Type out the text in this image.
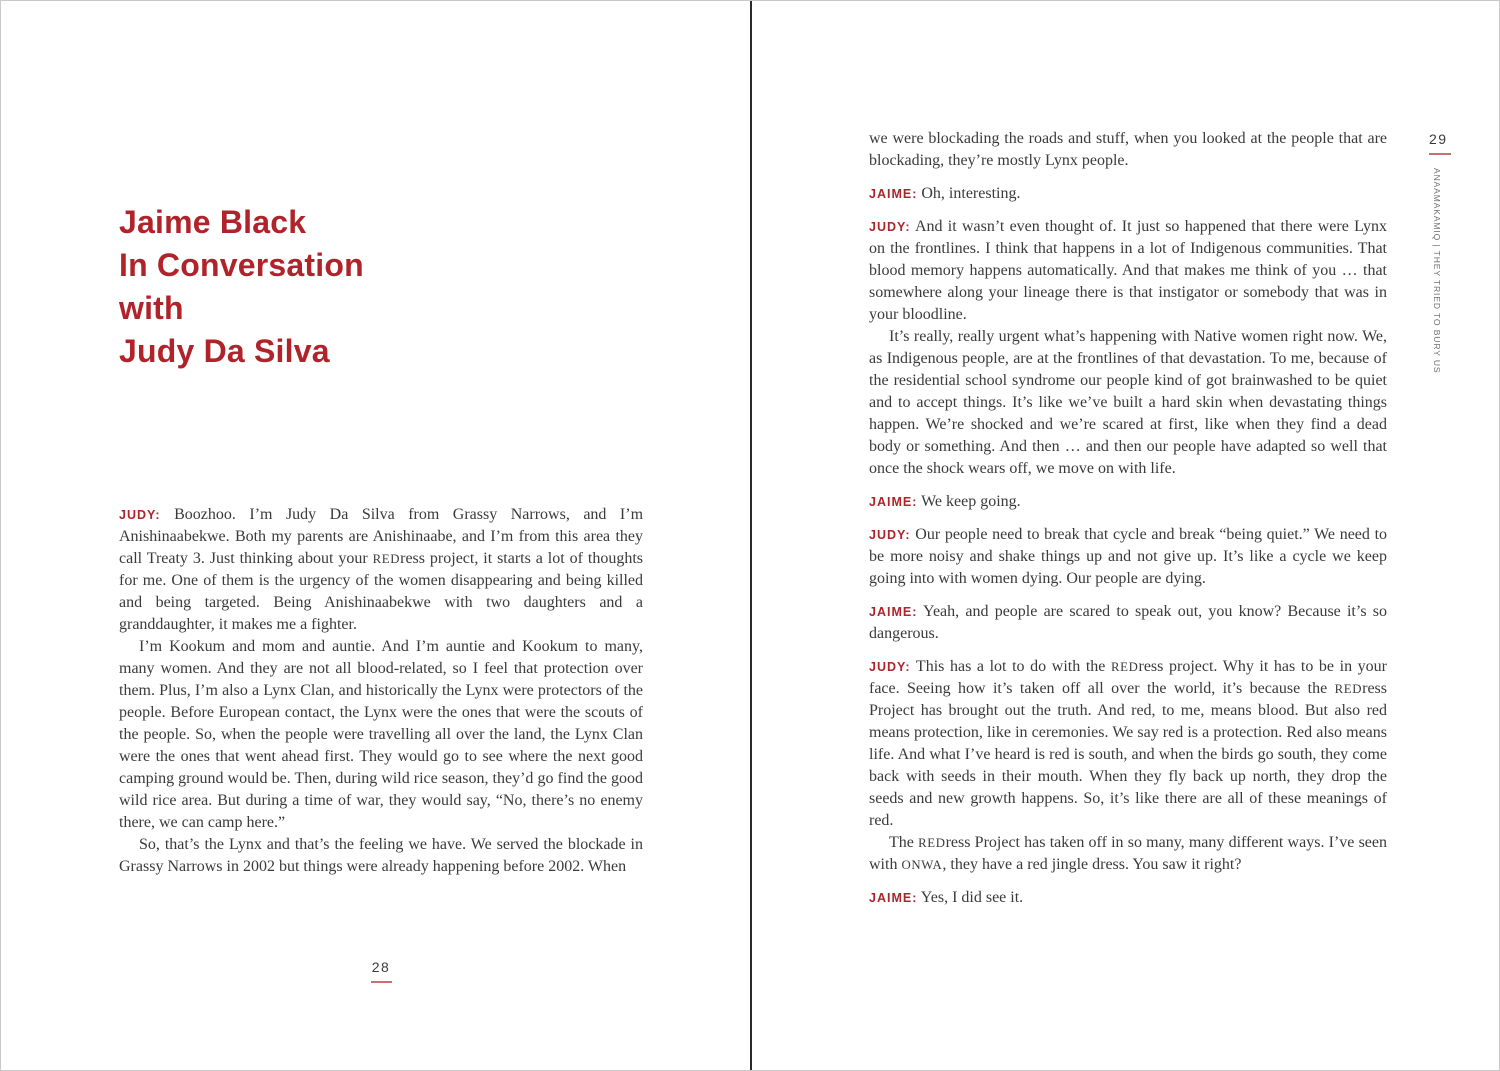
Jaime Black
In Conversation
with
Judy Da Silva

JUDY: Boozhoo. I’m Judy Da Silva from Grassy Narrows, and I’m Anishinaabekwe. Both my parents are Anishinaabe, and I’m from this area they call Treaty 3. Just thinking about your REDress project, it starts a lot of thoughts for me. One of them is the urgency of the women disappearing and being killed and being targeted. Being Anishinaabekwe with two daughters and a granddaughter, it makes me a fighter.

I’m Kookum and mom and auntie. And I’m auntie and Kookum to many, many women. And they are not all blood-related, so I feel that protection over them. Plus, I’m also a Lynx Clan, and historically the Lynx were protectors of the people. Before European contact, the Lynx were the ones that were the scouts of the people. So, when the people were travelling all over the land, the Lynx Clan were the ones that went ahead first. They would go to see where the next good camping ground would be. Then, during wild rice season, they’d go find the good wild rice area. But during a time of war, they would say, “No, there’s no enemy there, we can camp here.”

So, that’s the Lynx and that’s the feeling we have. We served the blockade in Grassy Narrows in 2002 but things were already happening before 2002. When

28

we were blockading the roads and stuff, when you looked at the people that are blockading, they’re mostly Lynx people.

JAIME: Oh, interesting.

JUDY: And it wasn’t even thought of. It just so happened that there were Lynx on the frontlines. I think that happens in a lot of Indigenous communities. That blood memory happens automatically. And that makes me think of you … that somewhere along your lineage there is that instigator or somebody that was in your bloodline.

It’s really, really urgent what’s happening with Native women right now. We, as Indigenous people, are at the frontlines of that devastation. To me, because of the residential school syndrome our people kind of got brainwashed to be quiet and to accept things. It’s like we’ve built a hard skin when devastating things happen. We’re shocked and we’re scared at first, like when they find a dead body or something. And then … and then our people have adapted so well that once the shock wears off, we move on with life.

JAIME: We keep going.

JUDY: Our people need to break that cycle and break “being quiet.” We need to be more noisy and shake things up and not give up. It’s like a cycle we keep going into with women dying. Our people are dying.

JAIME: Yeah, and people are scared to speak out, you know? Because it’s so dangerous.

JUDY: This has a lot to do with the REDress project. Why it has to be in your face. Seeing how it’s taken off all over the world, it’s because the REDress Project has brought out the truth. And red, to me, means blood. But also red means protection, like in ceremonies. We say red is a protection. Red also means life. And what I’ve heard is red is south, and when the birds go south, they come back with seeds in their mouth. When they fly back up north, they drop the seeds and new growth happens. So, it’s like there are all of these meanings of red.

The REDress Project has taken off in so many, many different ways. I’ve seen with ONWA, they have a red jingle dress. You saw it right?

JAIME: Yes, I did see it.

29
ANAAMAKAMIQ | THEY TRIED TO BURY US
